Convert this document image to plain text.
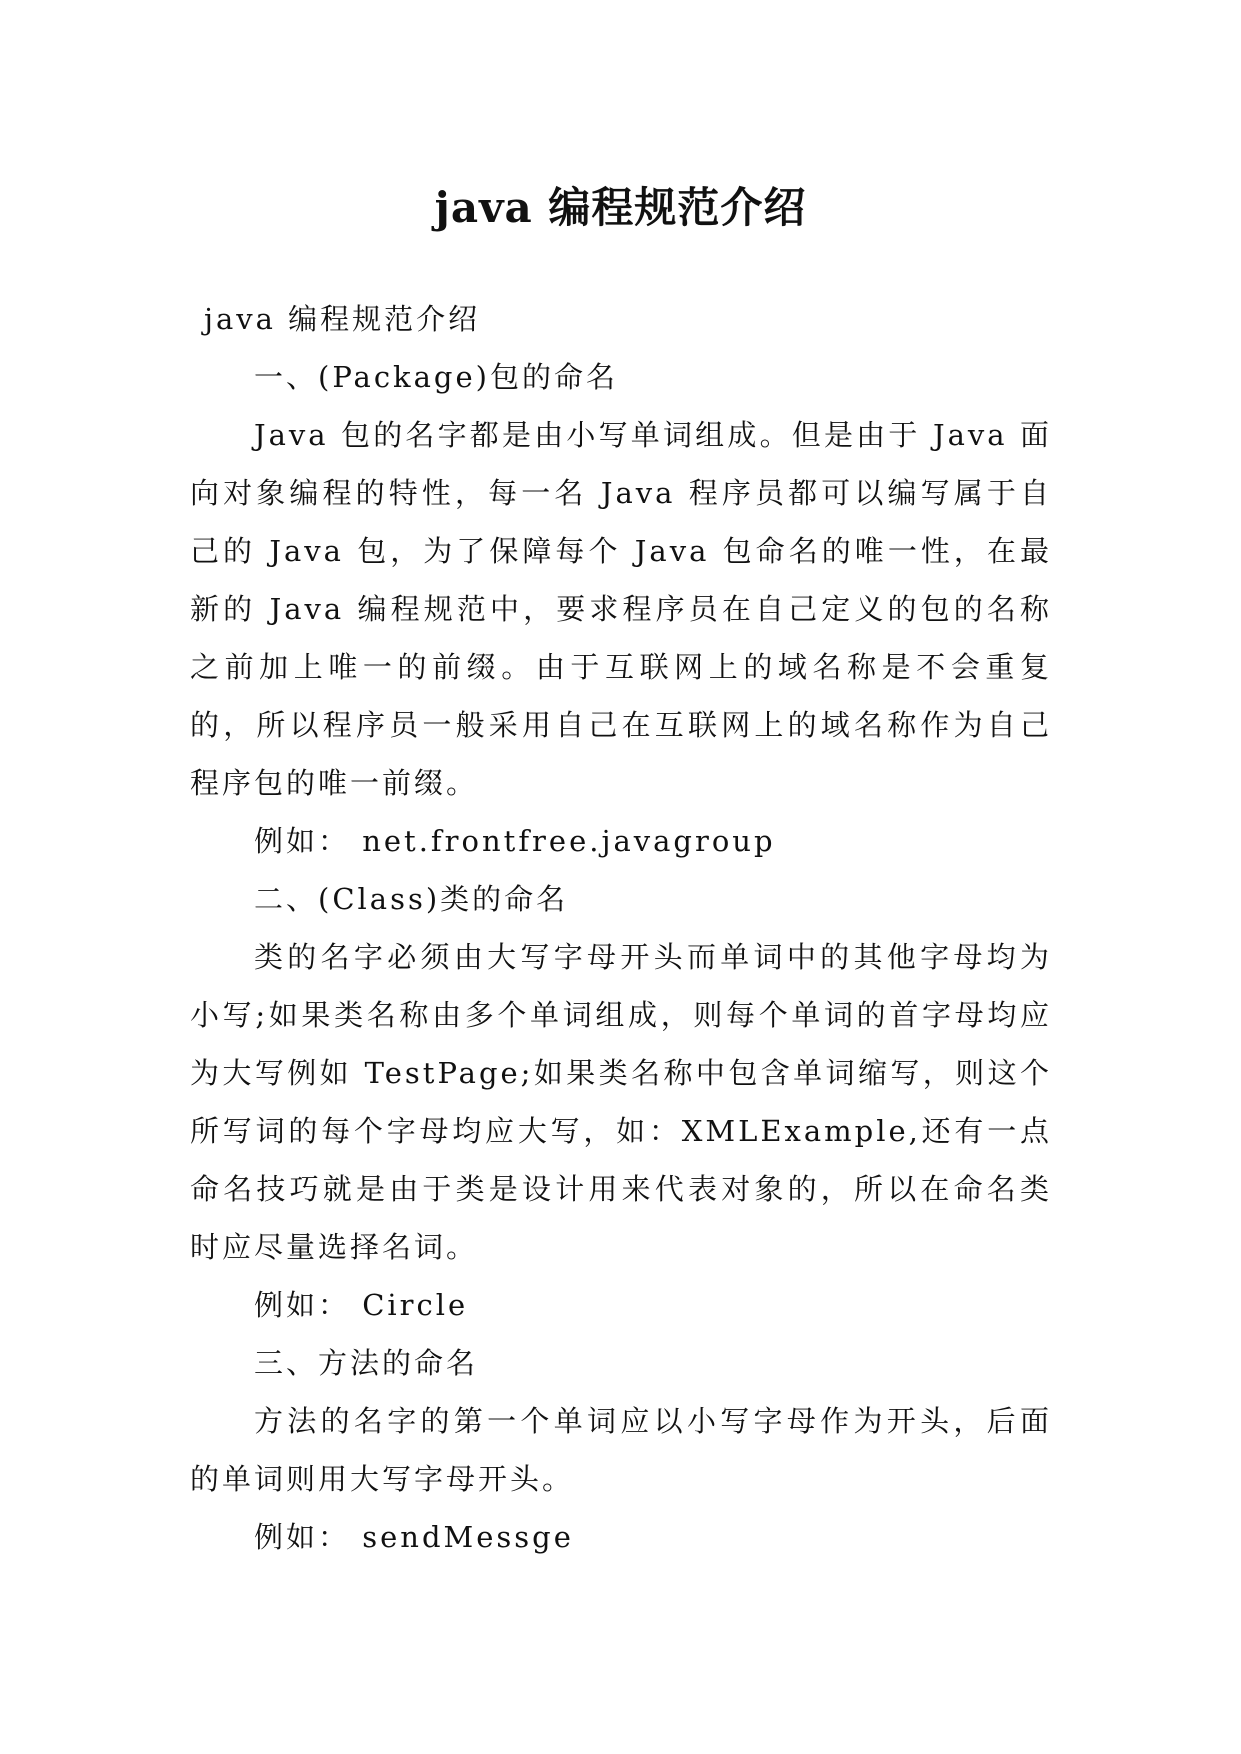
java 编程规范介绍

java 编程规范介绍

一、(Package)包的命名

Java 包的名字都是由小写单词组成。但是由于 Java 面向对象编程的特性，每一名 Java 程序员都可以编写属于自己的 Java 包，为了保障每个 Java 包命名的唯一性，在最新的 Java 编程规范中，要求程序员在自己定义的包的名称之前加上唯一的前缀。由于互联网上的域名称是不会重复的，所以程序员一般采用自己在互联网上的域名称作为自己程序包的唯一前缀。

例如： net.frontfree.javagroup

二、(Class)类的命名

类的名字必须由大写字母开头而单词中的其他字母均为小写;如果类名称由多个单词组成，则每个单词的首字母均应为大写例如 TestPage;如果类名称中包含单词缩写，则这个所写词的每个字母均应大写，如：XMLExample,还有一点命名技巧就是由于类是设计用来代表对象的，所以在命名类时应尽量选择名词。

例如： Circle

三、方法的命名

方法的名字的第一个单词应以小写字母作为开头，后面的单词则用大写字母开头。

例如： sendMessge
